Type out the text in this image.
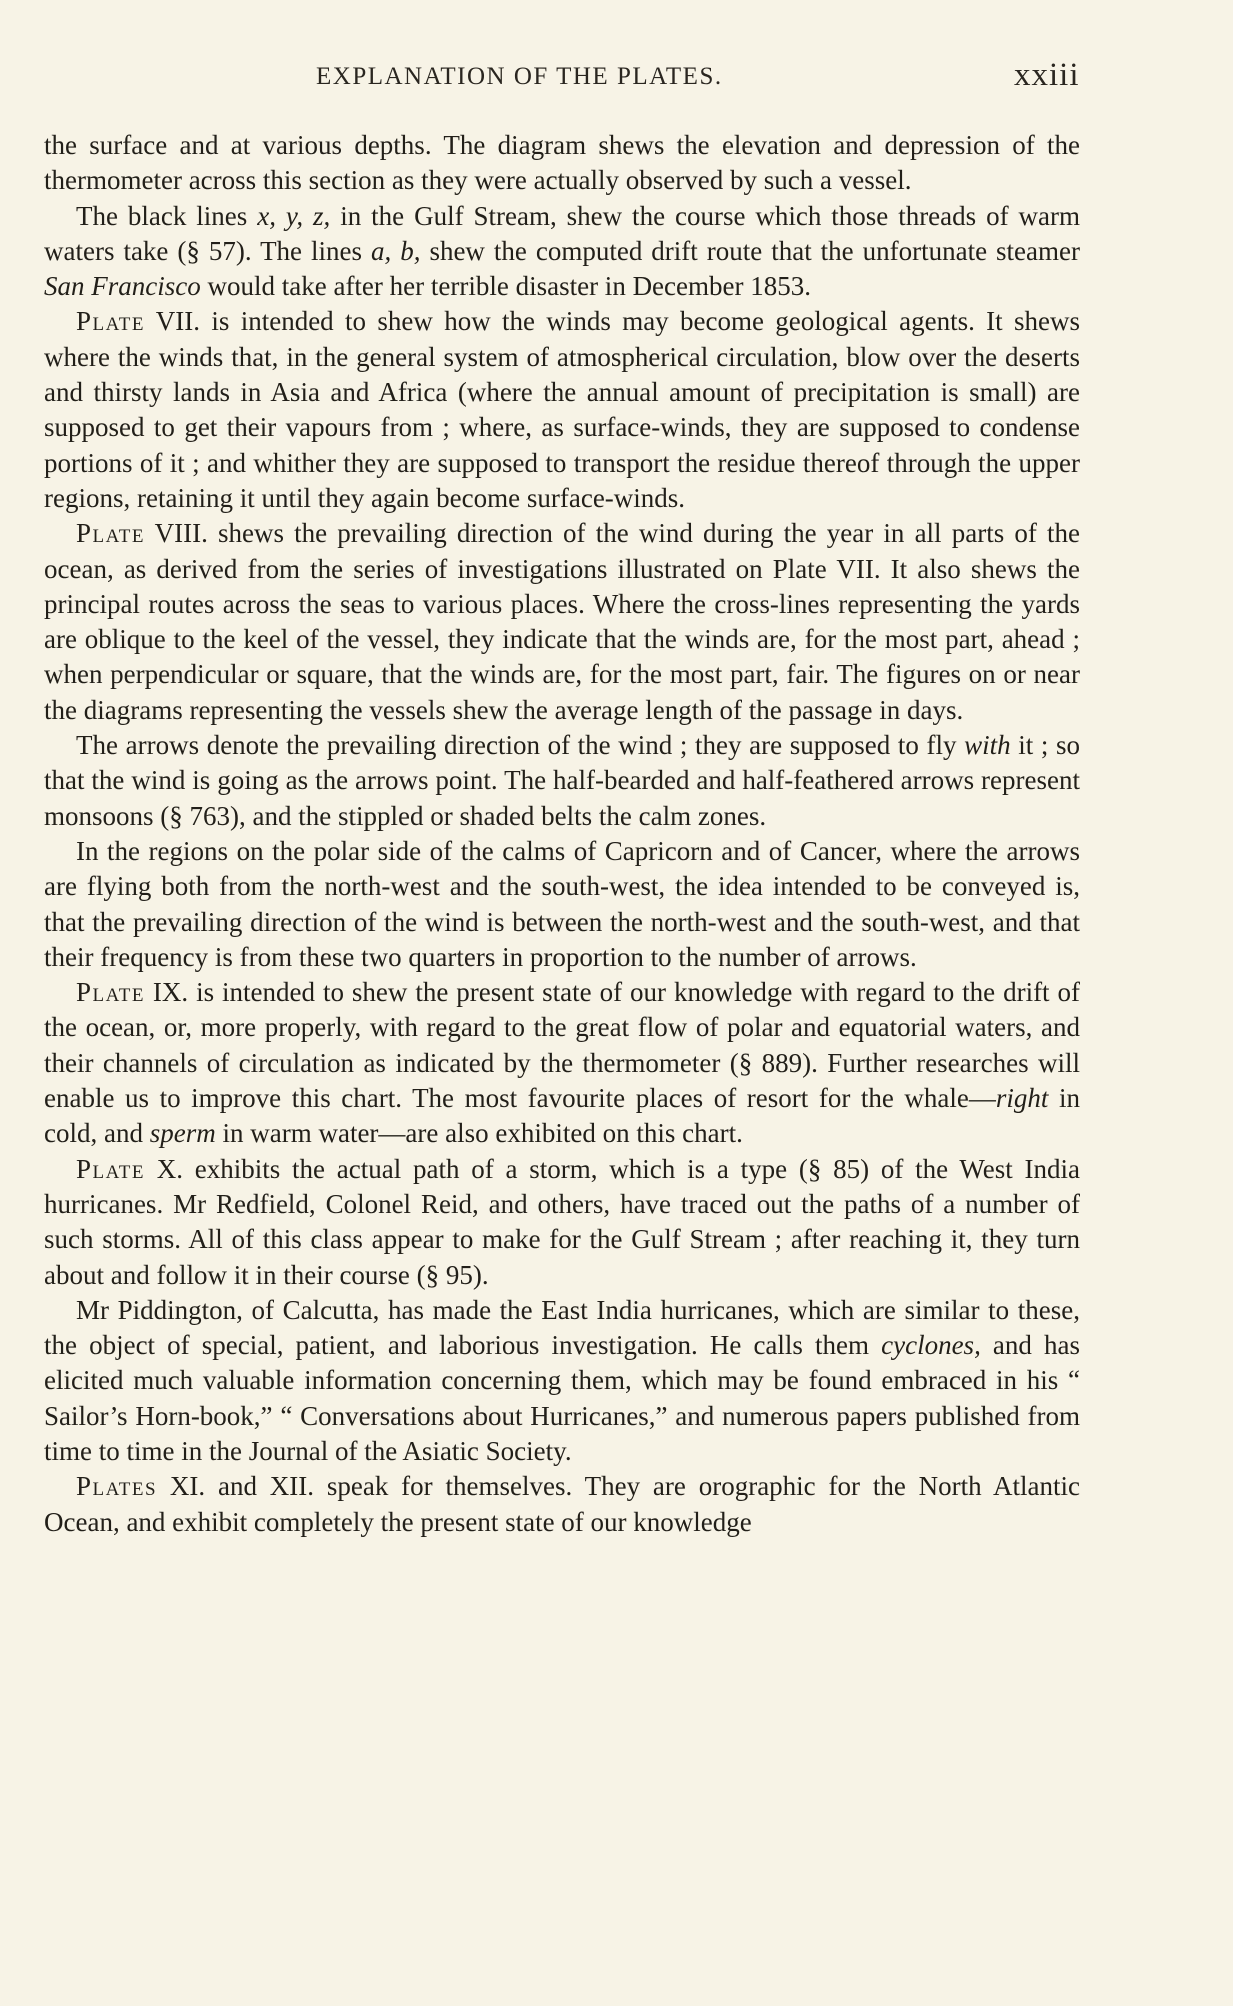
EXPLANATION OF THE PLATES.	xxiii

the surface and at various depths. The diagram shews the elevation and depression of the thermometer across this section as they were actually observed by such a vessel.

The black lines x, y, z, in the Gulf Stream, shew the course which those threads of warm waters take (§ 57). The lines a, b, shew the computed drift route that the unfortunate steamer San Francisco would take after her terrible disaster in December 1853.

Plate VII. is intended to shew how the winds may become geological agents. It shews where the winds that, in the general system of atmospherical circulation, blow over the deserts and thirsty lands in Asia and Africa (where the annual amount of precipitation is small) are supposed to get their vapours from ; where, as surface-winds, they are supposed to condense portions of it ; and whither they are supposed to transport the residue thereof through the upper regions, retaining it until they again become surface-winds.

Plate VIII. shews the prevailing direction of the wind during the year in all parts of the ocean, as derived from the series of investigations illustrated on Plate VII. It also shews the principal routes across the seas to various places. Where the cross-lines representing the yards are oblique to the keel of the vessel, they indicate that the winds are, for the most part, ahead ; when perpendicular or square, that the winds are, for the most part, fair. The figures on or near the diagrams representing the vessels shew the average length of the passage in days.

The arrows denote the prevailing direction of the wind ; they are supposed to fly with it ; so that the wind is going as the arrows point. The half-bearded and half-feathered arrows represent monsoons (§ 763), and the stippled or shaded belts the calm zones.

In the regions on the polar side of the calms of Capricorn and of Cancer, where the arrows are flying both from the north-west and the south-west, the idea intended to be conveyed is, that the prevailing direction of the wind is between the north-west and the south-west, and that their frequency is from these two quarters in proportion to the number of arrows.

Plate IX. is intended to shew the present state of our knowledge with regard to the drift of the ocean, or, more properly, with regard to the great flow of polar and equatorial waters, and their channels of circulation as indicated by the thermometer (§ 889). Further researches will enable us to improve this chart. The most favourite places of resort for the whale—right in cold, and sperm in warm water—are also exhibited on this chart.

Plate X. exhibits the actual path of a storm, which is a type (§ 85) of the West India hurricanes. Mr Redfield, Colonel Reid, and others, have traced out the paths of a number of such storms. All of this class appear to make for the Gulf Stream ; after reaching it, they turn about and follow it in their course (§ 95).

Mr Piddington, of Calcutta, has made the East India hurricanes, which are similar to these, the object of special, patient, and laborious investigation. He calls them cyclones, and has elicited much valuable information concerning them, which may be found embraced in his “ Sailor’s Horn-book,” “ Conversations about Hurricanes,” and numerous papers published from time to time in the Journal of the Asiatic Society.

Plates XI. and XII. speak for themselves. They are orographic for the North Atlantic Ocean, and exhibit completely the present state of our knowledge
